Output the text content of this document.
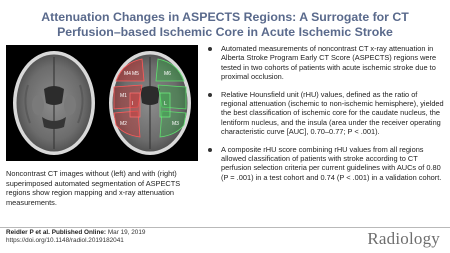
Attenuation Changes in ASPECTS Regions: A Surrogate for CT
Perfusion–based Ischemic Core in Acute Ischemic Stroke
M4 M5	M6
I	L
M1
M2	M3
Noncontrast CT images without (left) and with (right) superimposed automated segmentation of ASPECTS regions show region mapping and x-ray attenuation measurements.
Automated measurements of noncontrast CT x-ray attenuation in Alberta Stroke Program Early CT Score (ASPECTS) regions were tested in two cohorts of patients with acute ischemic stroke due to proximal occlusion.
Relative Hounsfield unit (rHU) values, defined as the ratio of regional attenuation (ischemic to non-ischemic hemisphere), yielded the best classification of ischemic core for the caudate nucleus, the lentiform nucleus, and the insula (area under the receiver operating characteristic curve [AUC], 0.70–0.77; P < .001).
A composite rHU score combining rHU values from all regions allowed classification of patients with stroke according to CT perfusion selection criteria per current guidelines with AUCs of 0.80 (P = .001) in a test cohort and 0.74 (P < .001) in a validation cohort.
Reidler P et al. Published Online: Mar 19, 2019
https://doi.org/10.1148/radiol.2019182041	Radiology
